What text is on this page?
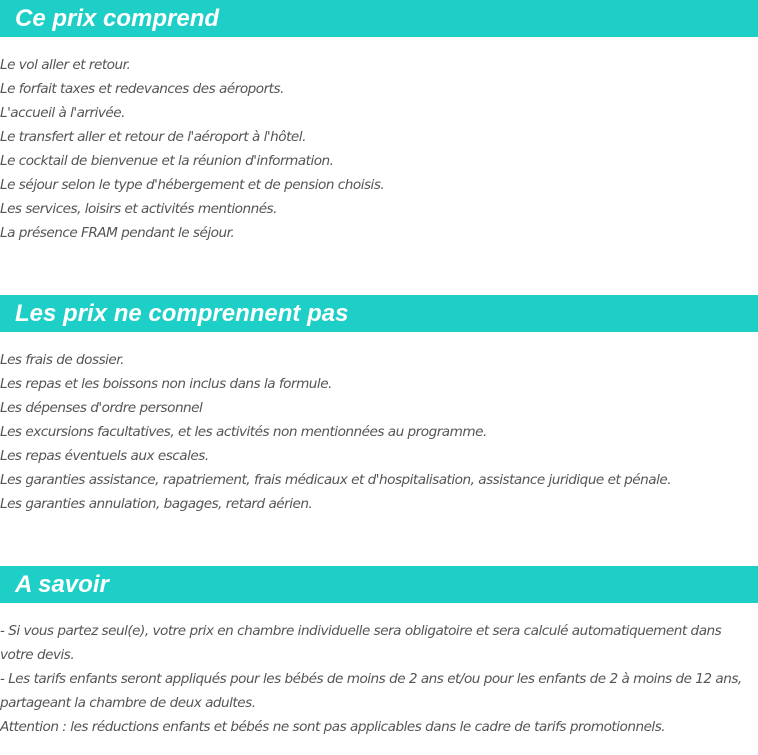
Ce prix comprend
Le vol aller et retour.
Le forfait taxes et redevances des aéroports.
L'accueil à l'arrivée.
Le transfert aller et retour de l'aéroport à l'hôtel.
Le cocktail de bienvenue et la réunion d'information.
Le séjour selon le type d'hébergement et de pension choisis.
Les services, loisirs et activités mentionnés.
La présence FRAM pendant le séjour.
Les prix ne comprennent pas
Les frais de dossier.
Les repas et les boissons non inclus dans la formule.
Les dépenses d'ordre personnel
Les excursions facultatives, et les activités non mentionnées au programme.
Les repas éventuels aux escales.
Les garanties assistance, rapatriement, frais médicaux et d'hospitalisation, assistance juridique et pénale.
Les garanties annulation, bagages, retard aérien.
A savoir
- Si vous partez seul(e), votre prix en chambre individuelle sera obligatoire et sera calculé automatiquement dans votre devis.
- Les tarifs enfants seront appliqués pour les bébés de moins de 2 ans et/ou pour les enfants de 2 à moins de 12 ans, partageant la chambre de deux adultes.
Attention : les réductions enfants et bébés ne sont pas applicables dans le cadre de tarifs promotionnels.
